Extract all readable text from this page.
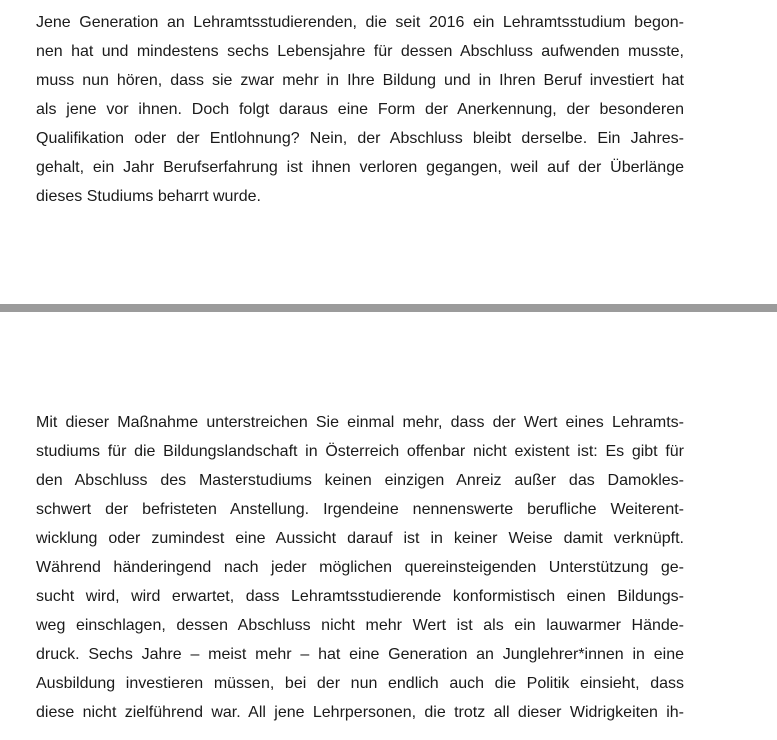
Jene Generation an Lehramtsstudierenden, die seit 2016 ein Lehramtsstudium begon-

nen hat und mindestens sechs Lebensjahre für dessen Abschluss aufwenden musste,

muss nun hören, dass sie zwar mehr in Ihre Bildung und in Ihren Beruf investiert hat

als jene vor ihnen. Doch folgt daraus eine Form der Anerkennung, der besonderen

Qualifikation oder der Entlohnung? Nein, der Abschluss bleibt derselbe. Ein Jahres-

gehalt, ein Jahr Berufserfahrung ist ihnen verloren gegangen, weil auf der Überlänge

dieses Studiums beharrt wurde.

Mit dieser Maßnahme unterstreichen Sie einmal mehr, dass der Wert eines Lehramts-

studiums für die Bildungslandschaft in Österreich offenbar nicht existent ist: Es gibt für

den Abschluss des Masterstudiums keinen einzigen Anreiz außer das Damokles-

schwert der befristeten Anstellung. Irgendeine nennenswerte berufliche Weiterent-

wicklung oder zumindest eine Aussicht darauf ist in keiner Weise damit verknüpft.

Während händeringend nach jeder möglichen quereinsteigenden Unterstützung ge-

sucht wird, wird erwartet, dass Lehramtsstudierende konformistisch einen Bildungs-

weg einschlagen, dessen Abschluss nicht mehr Wert ist als ein lauwarmer Hände-

druck. Sechs Jahre – meist mehr – hat eine Generation an Junglehrer*innen in eine

Ausbildung investieren müssen, bei der nun endlich auch die Politik einsieht, dass

diese nicht zielführend war. All jene Lehrpersonen, die trotz all dieser Widrigkeiten ih-
